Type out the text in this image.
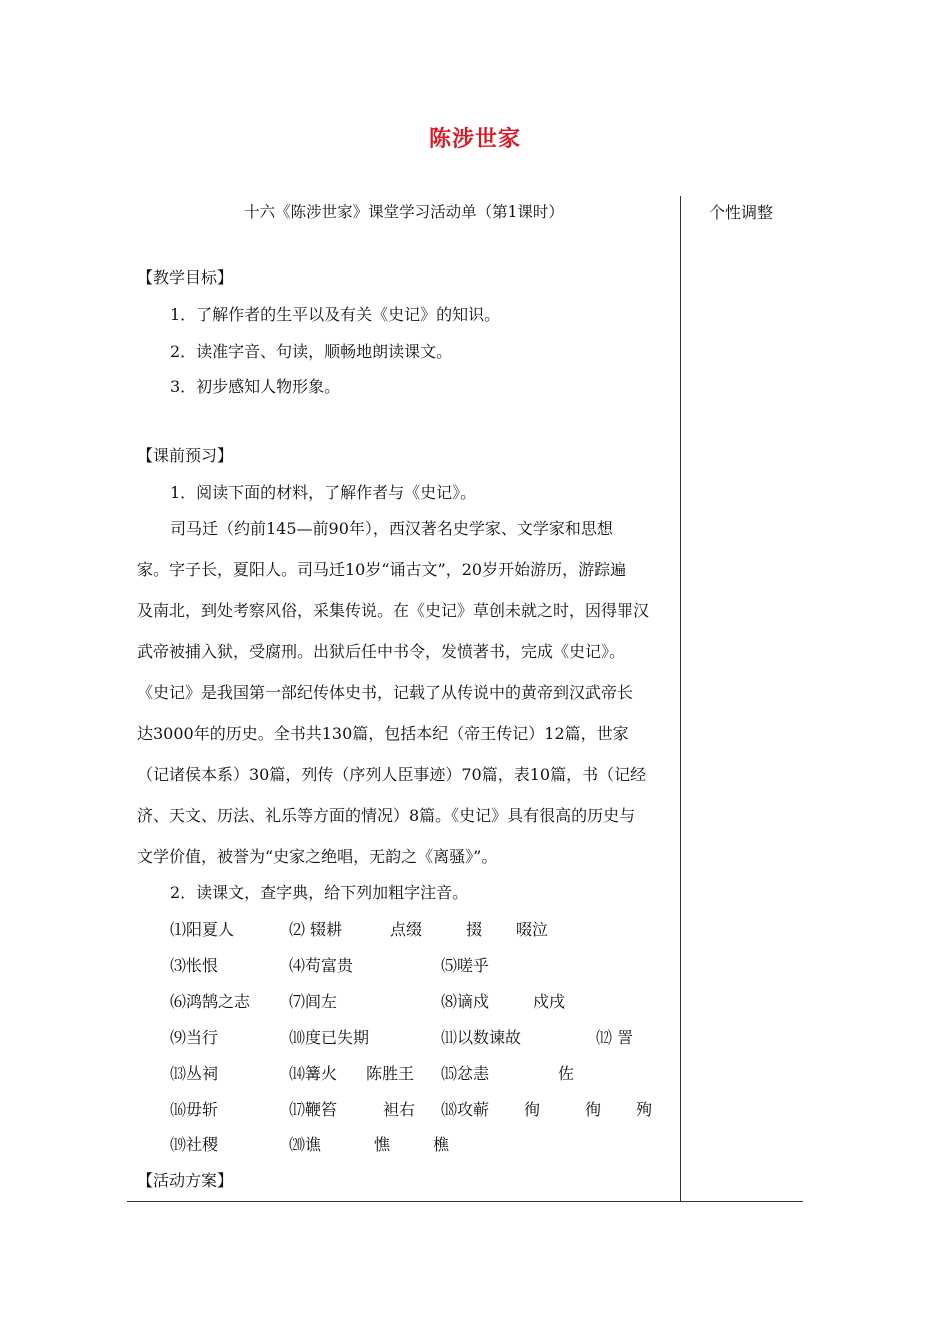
陈涉世家
个性调整
十六《陈涉世家》课堂学习活动单（第1课时）
【教学目标】
1．了解作者的生平以及有关《史记》的知识。
2．读准字音、句读，顺畅地朗读课文。
3．初步感知人物形象。
【课前预习】
1．阅读下面的材料，了解作者与《史记》。
司马迁（约前145—前90年），西汉著名史学家、文学家和思想
家。字子长，夏阳人。司马迁10岁“诵古文”，20岁开始游历，游踪遍
及南北，到处考察风俗，采集传说。在《史记》草创未就之时，因得罪汉
武帝被捕入狱，受腐刑。出狱后任中书令，发愤著书，完成《史记》。
《史记》是我国第一部纪传体史书，记载了从传说中的黄帝到汉武帝长
达3000年的历史。全书共130篇，包括本纪（帝王传记）12篇，世家
（记诸侯本系）30篇，列传（序列人臣事迹）70篇，表10篇，书（记经
济、天文、历法、礼乐等方面的情况）8篇。《史记》具有很高的历史与
文学价值，被誉为“史家之绝唱，无韵之《离骚》”。
2．读课文，查字典，给下列加粗字注音。
⑴阳夏人	⑵ 辍耕	点缀	掇 啜泣
⑶怅恨	⑷苟富贵	⑸嗟乎
⑹鸿鹄之志 ⑺闾左	⑻谪戍	戍戌
⑼当行	⑽度已失期	⑾以数谏故	⑿ 詈
⒀丛祠	⒁篝火 陈胜王 ⒂忿恚	佐
⒃毋斩	⒄鞭笞	袒右 ⒅攻蕲 徇	徇 殉
⒆社稷	⒇谯	憔	樵
【活动方案】
